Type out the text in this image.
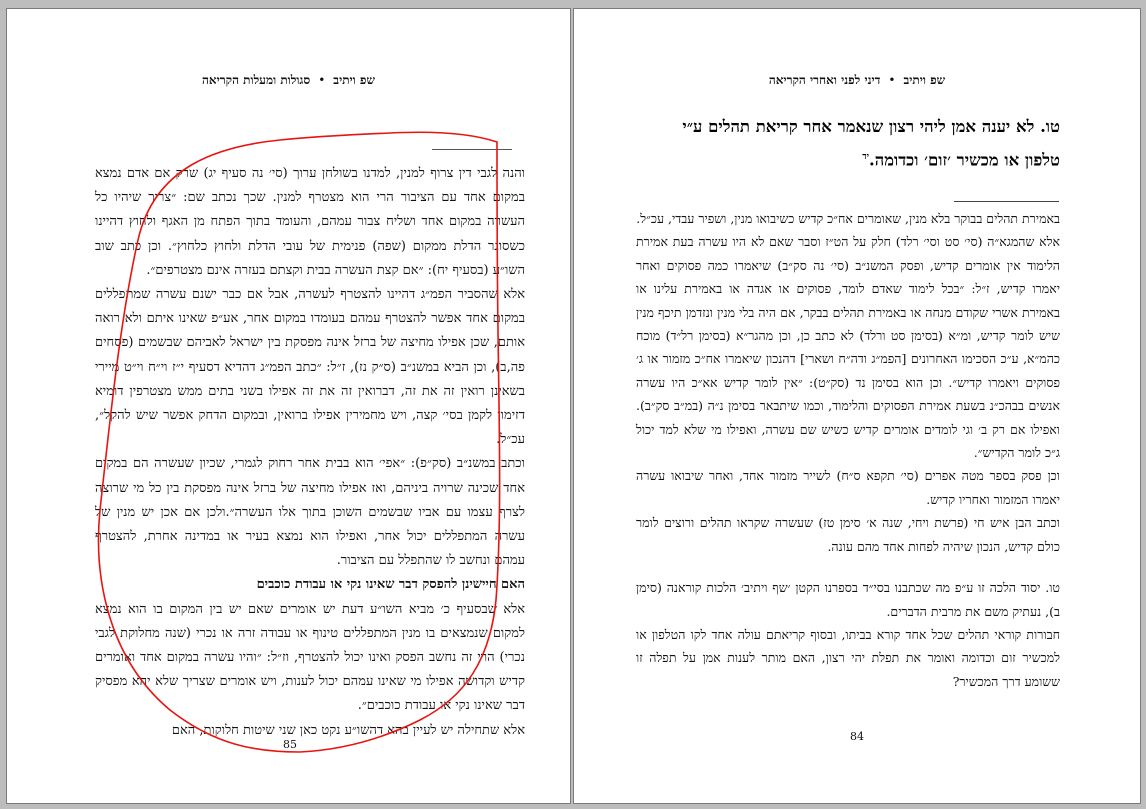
שפ ויתיב•סגולות ומעלות הקריאה

והנה לגבי דין צרוף למנין, למדנו בשולחן ערוך (סי׳ נה סעיף יג) שרק אם אדם נמצא במקום אחד עם הציבור הרי הוא מצטרף למנין. שכך נכתב שם: ״צריך שיהיו כל העשרה במקום אחד ושליח צבור עמהם, והעומד בתוך הפתח מן האגף ולחוץ דהיינו כשסוגר הדלת ממקום (שפה) פנימית של עובי הדלת ולחוץ כלחוץ״. וכן כתב שוב השו״ע (בסעיף יח): ״אם קצת העשרה בבית וקצתם בעזרה אינם מצטרפים״.

אלא שהסביר הפמ״ג דהיינו להצטרף לעשרה, אבל אם כבר ישנם עשרה שמתפללים במקום אחד אפשר להצטרף עמהם בעומדו במקום אחר, אע״פ שאינו איתם ולא רואה אותם, שכן אפילו מחיצה של ברזל אינה מפסקת בין ישראל לאביהם שבשמים (פסחים פה,ב), וכן הביא במשנ״ב (ס״ק נז), ז״ל: ״כתב הפמ״ג דהדיא דסעיף י״ז וי״ח וי״ט מיירי בשאינן רואין זה את זה, דברואין זה את זה אפילו בשני בתים ממש מצטרפין דומיא דזימון לקמן בסי׳ קצה, ויש מחמירין אפילו ברואין, ובמקום הדחק אפשר שיש להקל״, עכ״ל.

וכתב במשנ״ב (סק״פ): ״אפי׳ הוא בבית אחר רחוק לגמרי, שכיון שעשרה הם במקום אחד שכינה שרויה ביניהם, ואז אפילו מחיצה של ברזל אינה מפסקת בין כל מי שרוצה לצרף עצמו עם אביו שבשמים השוכן בתוך אלו העשרה״.ולכן אם אכן יש מנין של עשרה המתפללים יכול אחר, ואפילו הוא נמצא בעיר או במדינה אחרת, להצטרף עמהם ונחשב לו שהתפלל עם הציבור.

האם חיישינן להפסק דבר שאינו נקי או עבודת כוכבים

אלא שבסעיף כ׳ מביא השו״ע דעת יש אומרים שאם יש בין המקום בו הוא נמצא למקום שנמצאים בו מנין המתפללים טינוף או עבודה זרה או נכרי (שנה מחלוקת לגבי נכרי) הרי זה נחשב הפסק ואינו יכול להצטרף, וז״ל: ״והיו עשרה במקום אחד ואומרים קדיש וקדושה אפילו מי שאינו עמהם יכול לענות, ויש אומרים שצריך שלא יהא מפסיק דבר שאינו נקי או עבודת כוכבים״.

אלא שתחילה יש לעיין בהא דהשו״ע נקט כאן שני שיטות חלוקות, האם

85
שפ ויתיב•דיני לפני ואחרי הקריאה
טו. לא יענה אמן ליהי רצון שנאמר אחר קריאת תהלים ע״י טלפון או מכשיר ׳זום׳ וכדומה.$^{יד}$

באמירת תהלים בבוקר בלא מנין, שאומרים אח״כ קדיש כשיבואו מנין, ושפיר עבדי, עכ״ל.

אלא שהמגא״ה (סי׳ סט וסי׳ רלד) חלק על הט״ז וסבר שאם לא היו עשרה בעת אמירת הלימוד אין אומרים קדיש, ופסק המשנ״ב (סי׳ נה סק״ב) שיאמרו כמה פסוקים ואחר יאמרו קדיש, ז״ל: ״בכל לימוד שאדם לומד, פסוקים או אגדה או באמירת עלינו או באמירת אשרי שקודם מנחה או באמירת תהלים בבקר, אם היה בלי מנין ונזדמן תיכף מנין שיש לומר קדיש, ומ״א (בסימן סט ורלד) לא כתב כן, וכן מהגר״א (בסימן רל״ד) מוכח כהמ״א, ע״כ הסכימו האחרונים [הפמ״ג ודה״ח ושארי] דהנכון שיאמרו אח״כ מזמור או ג׳ פסוקים ויאמרו קדיש״. וכן הוא בסימן נד (סק״ט): ״אין לומר קדיש אא״כ היו עשרה אנשים בבהכ״נ בשעת אמירת הפסוקים והלימוד, וכמו שיתבאר בסימן נ״ה (במ״ב סק״ב). ואפילו אם רק ב׳ וגי לומדים אומרים קדיש כשיש שם עשרה, ואפילו מי שלא למד יכול ג״כ לומר הקדיש״.

וכן פסק בספר מטה אפרים (סי׳ תקפא ס״ח) לשייר מזמור אחד, ואחר שיבואו עשרה יאמרו המזמור ואחריו קדיש.

וכתב הבן איש חי (פרשת ויחי, שנה א׳ סימן טז) שעשרה שקראו תהלים ורוצים לומר כולם קדיש, הנכון שיהיה לפחות אחד מהם עונה.

טו. יסוד הלכה זו ע״פ מה שכתבנו בסי״ד בספרנו הקטן ׳שף ויתיב׳ הלכות קוראנה (סימן ב), נעתיק משם את מרבית הדברים.

חבורות קוראי תהלים שכל אחד קורא בביתו, ובסוף קריאתם עולה אחד לקו הטלפון או למכשיר זום וכדומה ואומר את תפלת יהי רצון, האם מותר לענות אמן על תפלה זו ששומע דרך המכשיר?

84
